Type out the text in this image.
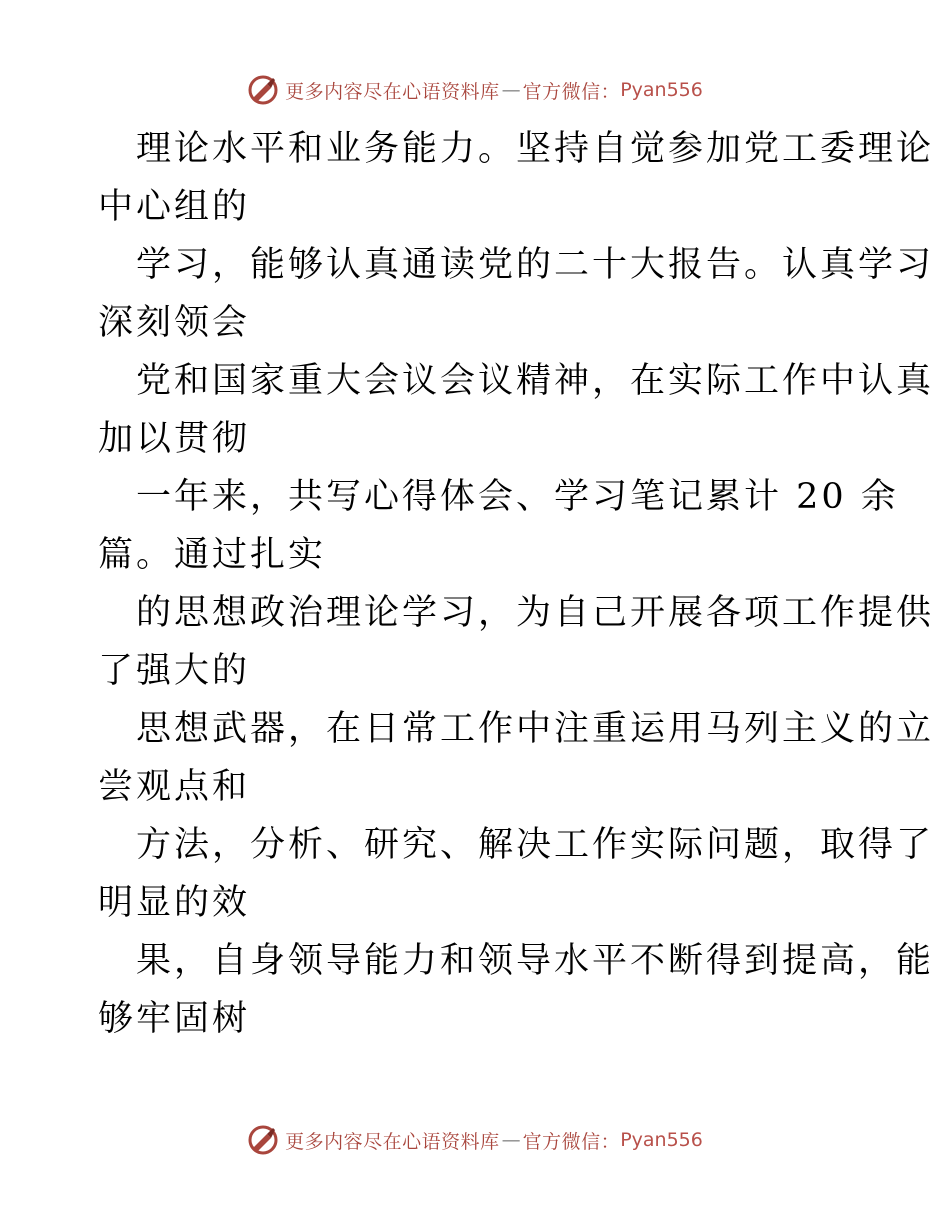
更多内容尽在心语资料库 — 官方微信： Pyan556
理论水平和业务能力。坚持自觉参加党工委理论
中心组的
学习，能够认真通读党的二十大报告。认真学习
深刻领会
党和国家重大会议会议精神，在实际工作中认真
加以贯彻
一年来，共写心得体会、学习笔记累计 20 余
篇。通过扎实
的思想政治理论学习，为自己开展各项工作提供
了强大的
思想武器，在日常工作中注重运用马列主义的立
尝观点和
方法，分析、研究、解决工作实际问题，取得了
明显的效
果，自身领导能力和领导水平不断得到提高，能
够牢固树
更多内容尽在心语资料库 — 官方微信： Pyan556
